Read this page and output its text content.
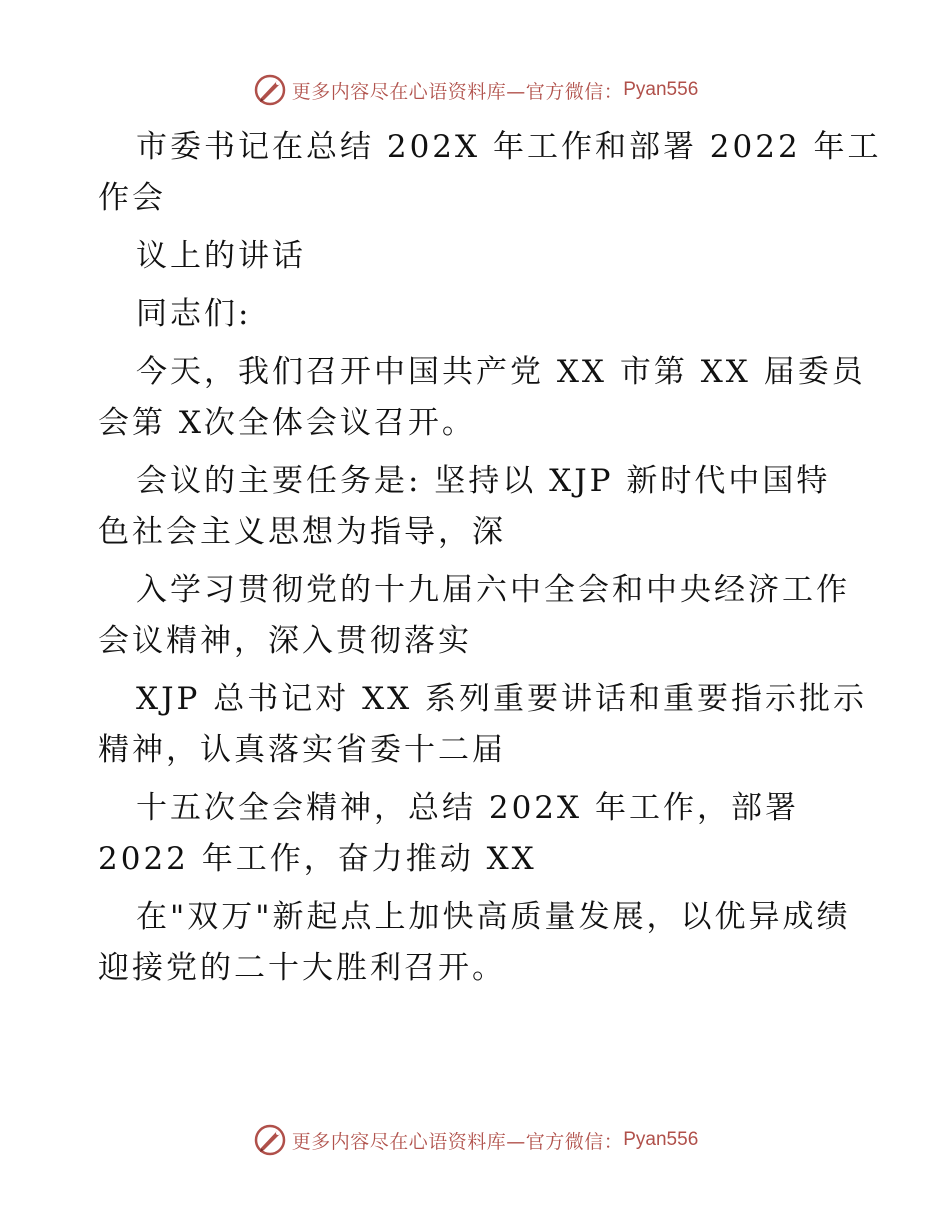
更多内容尽在心语资料库—官方微信： Pyan556
市委书记在总结 202X 年工作和部署 2022 年工
作会
议上的讲话
同志们:
今天，我们召开中国共产党 XX 市第 XX 届委员
会第 X次全体会议召开。
会议的主要任务是: 坚持以 XJP 新时代中国特
色社会主义思想为指导，深
入学习贯彻党的十九届六中全会和中央经济工作
会议精神，深入贯彻落实
XJP 总书记对 XX 系列重要讲话和重要指示批示
精神，认真落实省委十二届
十五次全会精神，总结 202X 年工作，部署
2022 年工作，奋力推动 XX
在"双万"新起点上加快高质量发展，以优异成绩
迎接党的二十大胜利召开。
更多内容尽在心语资料库—官方微信： Pyan556
